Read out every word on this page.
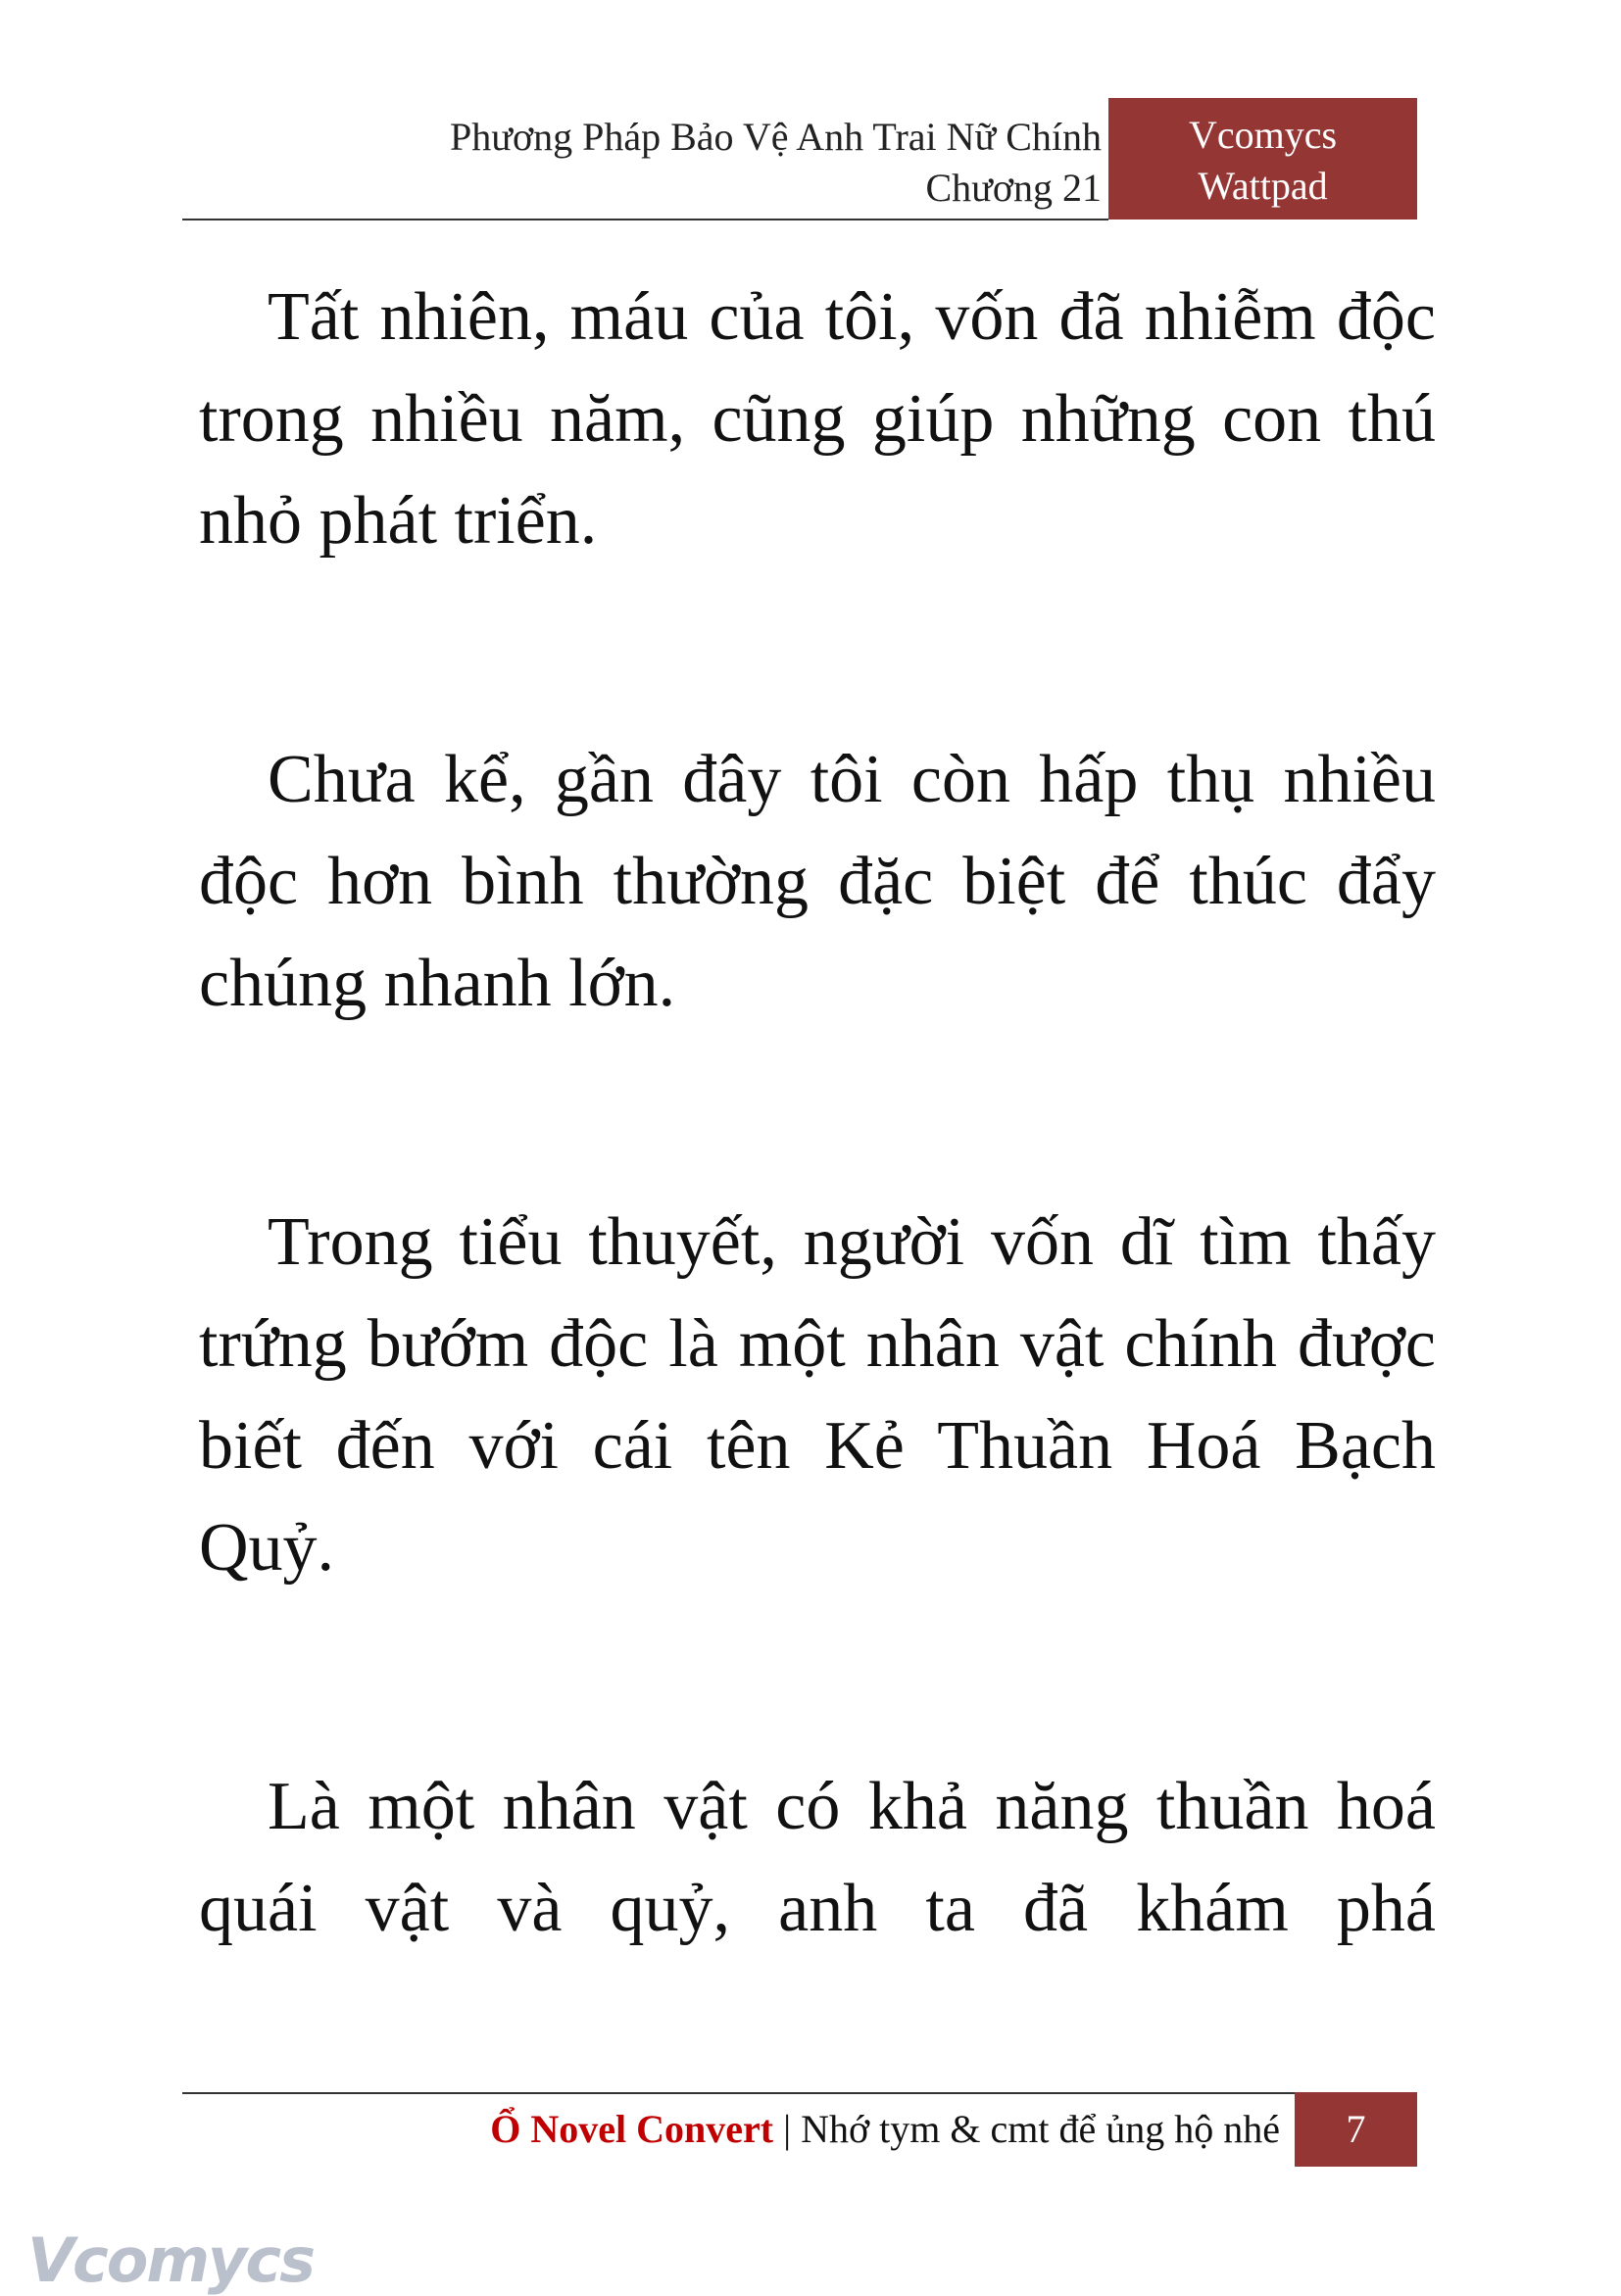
Phương Pháp Bảo Vệ Anh Trai Nữ Chính
Chương 21
Vcomycs
Wattpad

Tất nhiên, máu của tôi, vốn đã nhiễm độc trong nhiều năm, cũng giúp những con thú nhỏ phát triển.

Chưa kể, gần đây tôi còn hấp thụ nhiều độc hơn bình thường đặc biệt để thúc đẩy chúng nhanh lớn.

Trong tiểu thuyết, người vốn dĩ tìm thấy trứng bướm độc là một nhân vật chính được biết đến với cái tên Kẻ Thuần Hoá Bạch Quỷ.

Là một nhân vật có khả năng thuần hoá quái vật và quỷ, anh ta đã khám phá

Ổ Novel Convert | Nhớ tym & cmt để ủng hộ nhé	7
Vcomycs
